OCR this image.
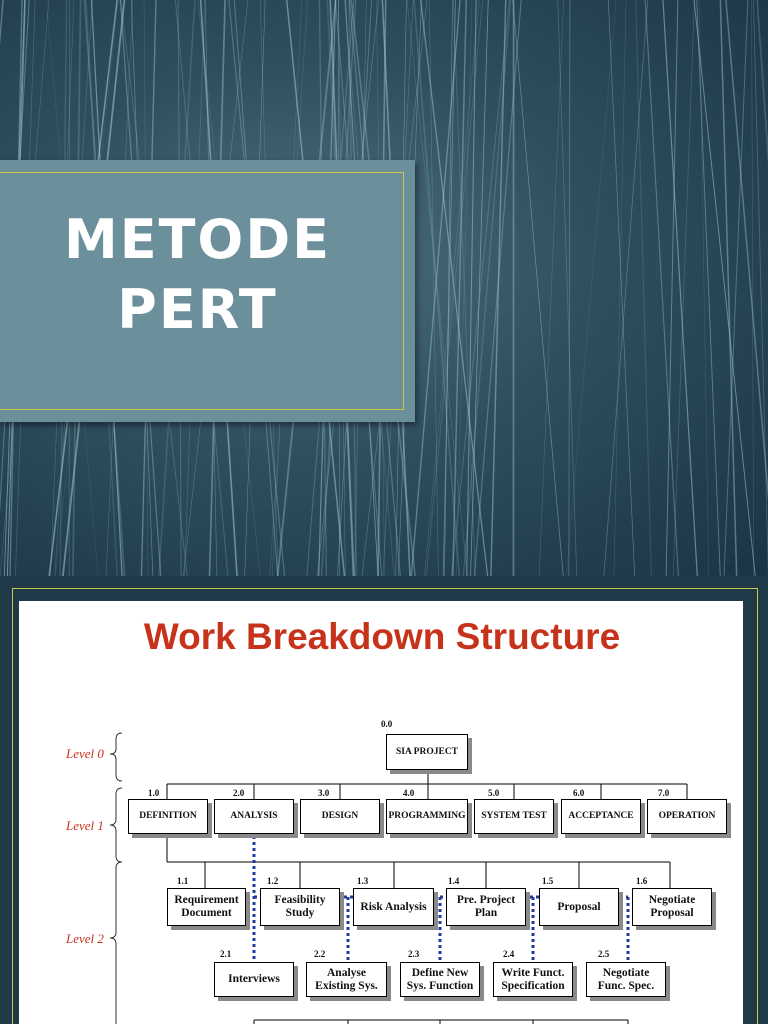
METODE
PERT
Work Breakdown Structure
Level 0
Level 1
Level 2
0.0
SIA PROJECT
1.0
DEFINITION
2.0
ANALYSIS
3.0
DESIGN
4.0
PROGRAMMING
5.0
SYSTEM TEST
6.0
ACCEPTANCE
7.0
OPERATION
1.1
Requirement
Document
1.2
Feasibility
Study
1.3
Risk Analysis
1.4
Pre. Project
Plan
1.5
Proposal
1.6
Negotiate
Proposal
2.1
Interviews
2.2
Analyse
Existing Sys.
2.3
Define New
Sys. Function
2.4
Write Funct.
Specification
2.5
Negotiate
Func. Spec.
